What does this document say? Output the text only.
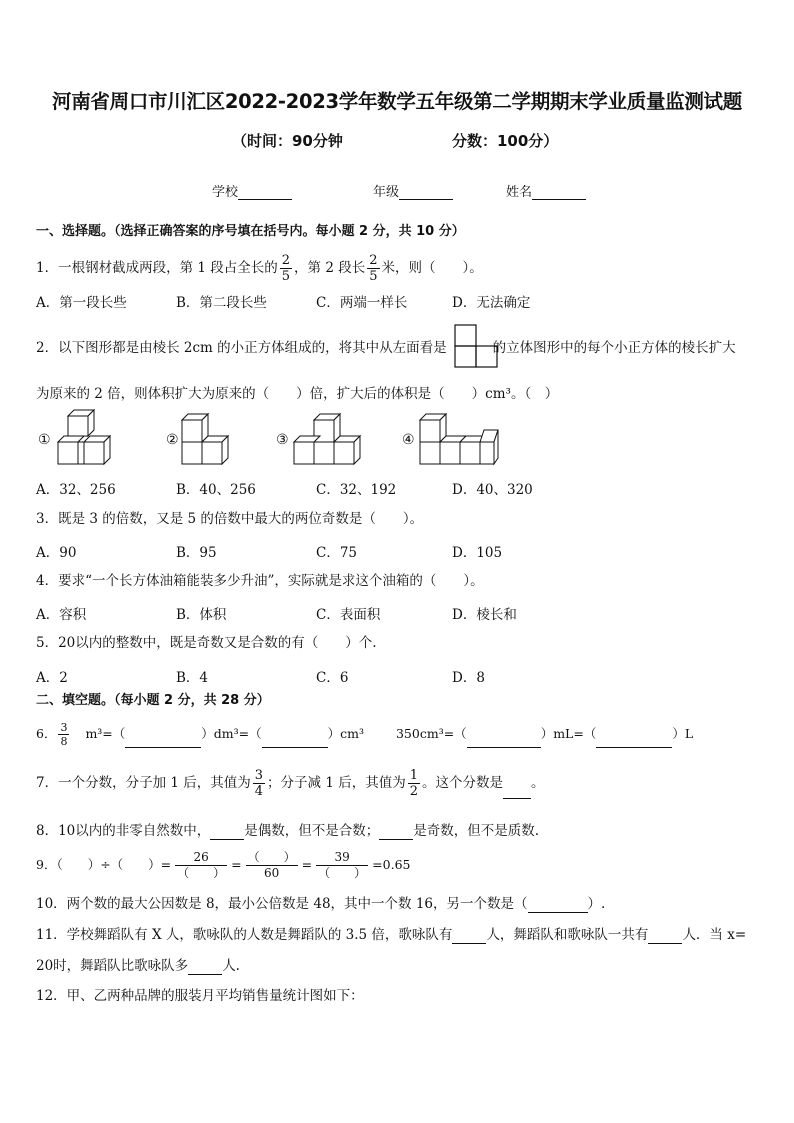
河南省周口市川汇区2022-2023学年数学五年级第二学期期末学业质量监测试题
（时间：90分钟	分数：100分）
学校	年级	姓名
一、选择题。（选择正确答案的序号填在括号内。每小题 2 分，共 10 分）
1．一根钢材截成两段，第 1 段占全长的 $\frac{2}{5}$ ，第 2 段长 $\frac{2}{5}$ 米，则（　　）。
A．第一段长些	B．第二段长些	C．两端一样长	D．无法确定
2．以下图形都是由棱长 2cm 的小正方体组成的，将其中从左面看是	的立体图形中的每个小正方体的棱长扩大
为原来的 2 倍，则体积扩大为原来的（　　）倍，扩大后的体积是（　　）cm³。（　）
①	②	③	④
A．32、256	B．40、256	C．32、192	D．40、320
3．既是 3 的倍数，又是 5 的倍数中最大的两位奇数是（　　）。
A．90	B．95	C．75	D．105
4．要求“一个长方体油箱能装多少升油”，实际就是求这个油箱的（　　）。
A．容积	B．体积	C．表面积	D．棱长和
5．20以内的整数中，既是奇数又是合数的有（　　）个.
A．2	B．4	C．6	D．8
二、填空题。（每小题 2 分，共 28 分）
6． $\frac{3}{8} m^3=$（	）dm³=（	）cm³	350cm³=（	）mL=（	）L
7．一个分数，分子加 1 后，其值为 $\frac{3}{4}$ ；分子减 1 后，其值为 $\frac{1}{2}$ 。这个分数是 。
8．10以内的非零自然数中，	是偶数，但不是合数；	是奇数，但不是质数.
9．（　　）÷（　　）= $\frac{26}{( )} = \frac{( )}{60} = \frac{39}{( )} =0.65$
10．两个数的最大公因数是 8，最小公倍数是 48，其中一个数 16，另一个数是（	）.
11．学校舞蹈队有 X 人，歌咏队的人数是舞蹈队的 3.5 倍，歌咏队有	人，舞蹈队和歌咏队一共有	人．当 x=
20时，舞蹈队比歌咏队多	人.
12．甲、乙两种品牌的服装月平均销售量统计图如下：
